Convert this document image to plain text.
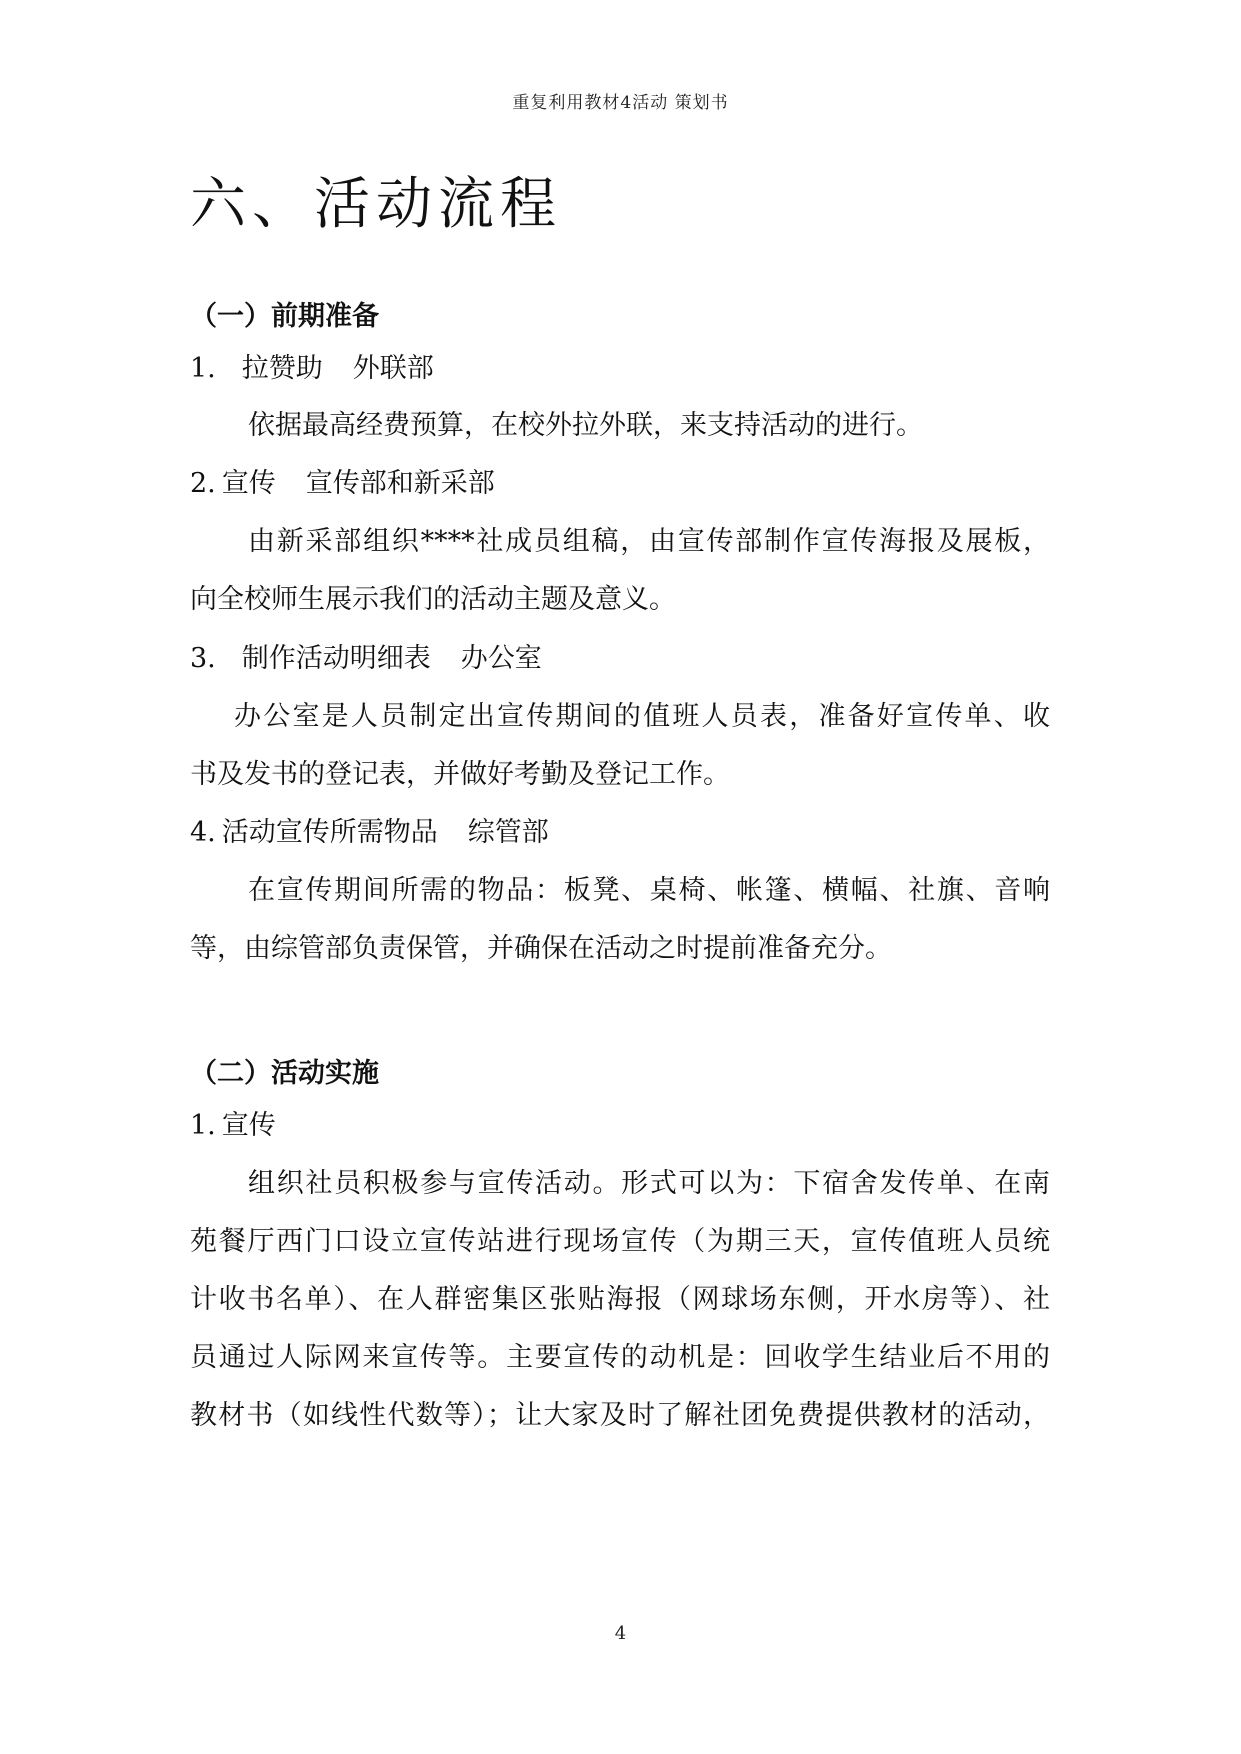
重复利用教材4活动 策划书
六、活动流程
（一）前期准备
1. 拉赞助 外联部
依据最高经费预算，在校外拉外联，来支持活动的进行。
2. 宣传 宣传部和新采部
由新采部组织****社成员组稿，由宣传部制作宣传海报及展板，
向全校师生展示我们的活动主题及意义。
3. 制作活动明细表 办公室
办公室是人员制定出宣传期间的值班人员表，准备好宣传单、收
书及发书的登记表，并做好考勤及登记工作。
4. 活动宣传所需物品 综管部
在宣传期间所需的物品：板凳、桌椅、帐篷、横幅、社旗、音响
等，由综管部负责保管，并确保在活动之时提前准备充分。
（二）活动实施
1. 宣传
组织社员积极参与宣传活动。形式可以为：下宿舍发传单、在南
苑餐厅西门口设立宣传站进行现场宣传（为期三天，宣传值班人员统
计收书名单）、在人群密集区张贴海报（网球场东侧，开水房等）、社
员通过人际网来宣传等。主要宣传的动机是：回收学生结业后不用的
教材书（如线性代数等）；让大家及时了解社团免费提供教材的活动，
4
